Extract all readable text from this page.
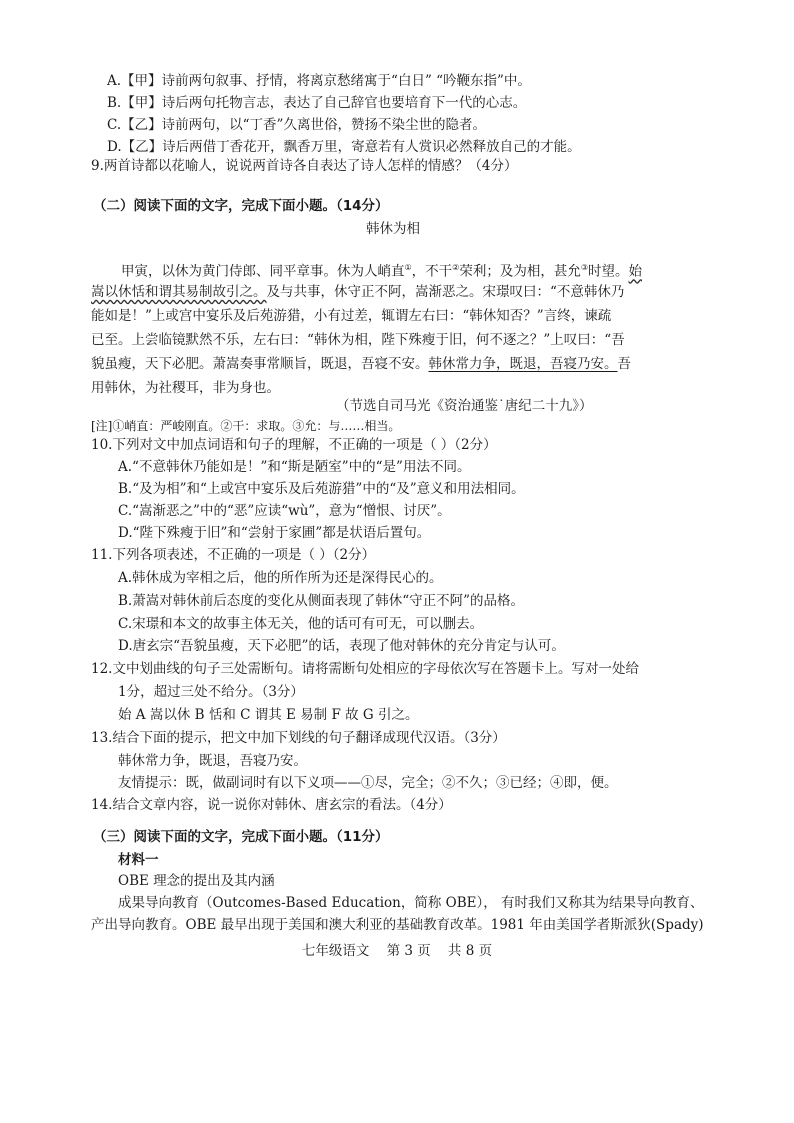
A.【甲】诗前两句叙事、抒情，将离京愁绪寓于“白日” “吟鞭东指”中。
B.【甲】诗后两句托物言志，表达了自己辞官也要培育下一代的心志。
C.【乙】诗前两句，以“丁香”久离世俗，赞扬不染尘世的隐者。
D.【乙】诗后两借丁香花开，飘香万里，寄意若有人赏识必然释放自己的才能。
9.两首诗都以花喻人，说说两首诗各自表达了诗人怎样的情感？（4分）
（二）阅读下面的文字，完成下面小题。（14分）
韩休为相
甲寅，以休为黄门侍郎、同平章事。休为人峭直①，不干②荣利；及为相，甚允③时望。始
嵩以休恬和谓其易制故引之。及与共事，休守正不阿，嵩渐恶之。宋璟叹曰：“不意韩休乃
能如是！”上或宫中宴乐及后苑游猎，小有过差，辄谓左右曰：“韩休知否？”言终，谏疏
已至。上尝临镜默然不乐，左右曰：“韩休为相，陛下殊瘦于旧，何不逐之？”上叹曰：“吾
貌虽瘦，天下必肥。萧嵩奏事常顺旨，既退，吾寝不安。韩休常力争，既退，吾寝乃安。吾
用韩休，为社稷耳，非为身也。
（节选自司马光《资治通鉴˙唐纪二十九》）
[注]①峭直：严峻刚直。②干：求取。③允：与……相当。
10.下列对文中加点词语和句子的理解，不正确的一项是（ ）（2分）
A.“不意韩休乃能如是！”和“斯是陋室”中的“是”用法不同。
B.“及为相”和“上或宫中宴乐及后苑游猎”中的“及”意义和用法相同。
C.“嵩渐恶之”中的“恶”应读“wù”，意为“憎恨、讨厌”。
D.“陛下殊瘦于旧”和“尝射于家圃”都是状语后置句。
11.下列各项表述，不正确的一项是（ ）（2分）
A.韩休成为宰相之后，他的所作所为还是深得民心的。
B.萧嵩对韩休前后态度的变化从侧面表现了韩休“守正不阿”的品格。
C.宋璟和本文的故事主体无关，他的话可有可无，可以删去。
D.唐玄宗“吾貌虽瘦，天下必肥”的话，表现了他对韩休的充分肯定与认可。
12.文中划曲线的句子三处需断句。请将需断句处相应的字母依次写在答题卡上。写对一处给
1分，超过三处不给分。（3分）
始 A 嵩以休 B 恬和 C 谓其 E 易制 F 故 G 引之。
13.结合下面的提示，把文中加下划线的句子翻译成现代汉语。（3分）
韩休常力争，既退，吾寝乃安。
友情提示：既，做副词时有以下义项——①尽，完全；②不久；③已经；④即，便。
14.结合文章内容，说一说你对韩休、唐玄宗的看法。（4分）
（三）阅读下面的文字，完成下面小题。（11分）
材料一
OBE 理念的提出及其内涵
成果导向教育（Outcomes-Based Education，简称 OBE）， 有时我们又称其为结果导向教育、
产出导向教育。OBE 最早出现于美国和澳大利亚的基础教育改革。1981 年由美国学者斯派狄(Spady)
七年级语文    第 3 页    共 8 页
